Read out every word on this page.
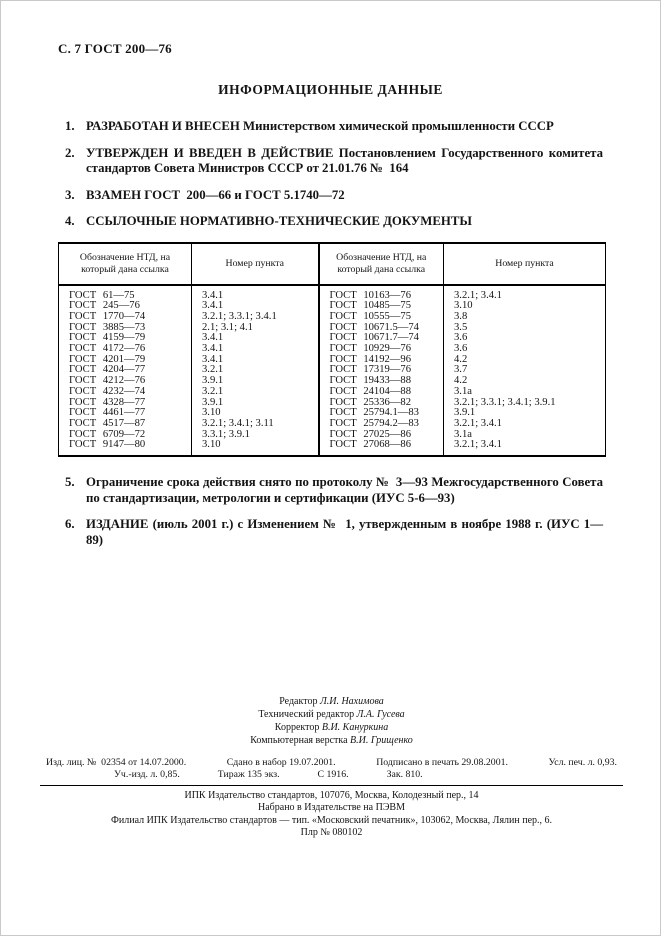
С. 7 ГОСТ 200—76
ИНФОРМАЦИОННЫЕ ДАННЫЕ
1. РАЗРАБОТАН И ВНЕСЕН Министерством химической промышленности СССР
2. УТВЕРЖДЕН И ВВЕДЕН В ДЕЙСТВИЕ Постановлением Государственного комитета стандартов Совета Министров СССР от 21.01.76 №  164
3. ВЗАМЕН ГОСТ  200—66 и ГОСТ 5.1740—72
4. ССЫЛОЧНЫЕ НОРМАТИВНО-ТЕХНИЧЕСКИЕ ДОКУМЕНТЫ
Обозначение НТД, на который дана ссылка	Номер пункта	Обозначение НТД, на который дана ссылка	Номер пункта
ГОСТ 61—75	3.4.1	ГОСТ 10163—76	3.2.1; 3.4.1
ГОСТ 245—76	3.4.1	ГОСТ 10485—75	3.10
ГОСТ 1770—74	3.2.1; 3.3.1; 3.4.1	ГОСТ 10555—75	3.8
ГОСТ 3885—73	2.1; 3.1; 4.1	ГОСТ 10671.5—74	3.5
ГОСТ 4159—79	3.4.1	ГОСТ 10671.7—74	3.6
ГОСТ 4172—76	3.4.1	ГОСТ 10929—76	3.6
ГОСТ 4201—79	3.4.1	ГОСТ 14192—96	4.2
ГОСТ 4204—77	3.2.1	ГОСТ 17319—76	3.7
ГОСТ 4212—76	3.9.1	ГОСТ 19433—88	4.2
ГОСТ 4232—74	3.2.1	ГОСТ 24104—88	3.1а
ГОСТ 4328—77	3.9.1	ГОСТ 25336—82	3.2.1; 3.3.1; 3.4.1; 3.9.1
ГОСТ 4461—77	3.10	ГОСТ 25794.1—83	3.9.1
ГОСТ 4517—87	3.2.1; 3.4.1; 3.11	ГОСТ 25794.2—83	3.2.1; 3.4.1
ГОСТ 6709—72	3.3.1; 3.9.1	ГОСТ 27025—86	3.1а
ГОСТ 9147—80	3.10	ГОСТ 27068—86	3.2.1; 3.4.1
5. Ограничение срока действия снято по протоколу №  3—93 Межгосударственного Совета по стандартизации, метрологии и сертификации (ИУС 5-6—93)
6. ИЗДАНИЕ (июль 2001 г.) с Изменением №  1, утвержденным в ноябре 1988 г. (ИУС 1—89)
Редактор Л.И. Нахимова
Технический редактор Л.А. Гусева
Корректор В.И. Кануркина
Компьютерная верстка В.И. Грищенко
Изд. лиц. №  02354 от 14.07.2000.	Сдано в набор 19.07.2001.	Подписано в печать 29.08.2001.	Усл. печ. л. 0,93.
Уч.-изд. л. 0,85.	Тираж 135 экз.	С 1916.	Зак. 810.
ИПК Издательство стандартов, 107076, Москва, Колодезный пер., 14
Набрано в Издательстве на ПЭВМ
Филиал ИПК Издательство стандартов — тип. «Московский печатник», 103062, Москва, Лялин пер., 6.
Плр № 080102
